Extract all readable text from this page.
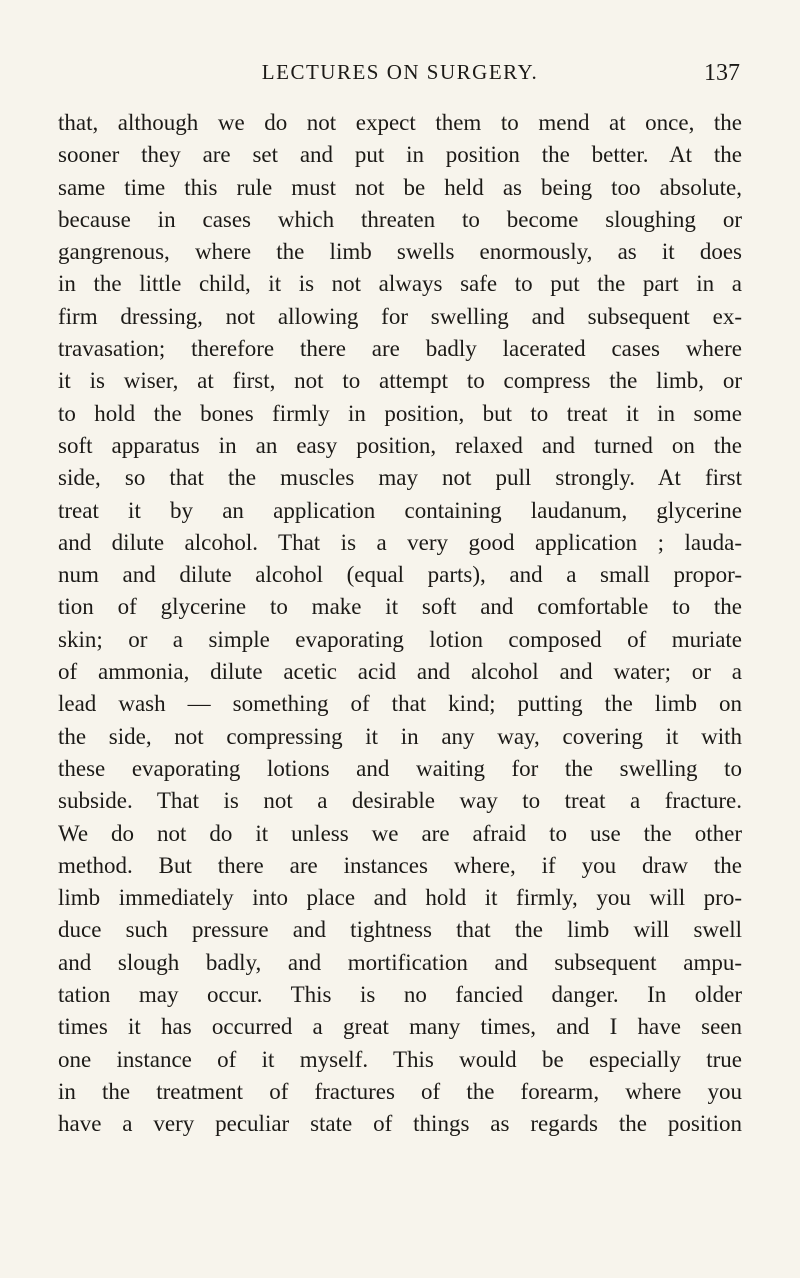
LECTURES ON SURGERY.	137
that, although we do not expect them to mend at once, the
sooner they are set and put in position the better. At the
same time this rule must not be held as being too absolute,
because in cases which threaten to become sloughing or
gangrenous, where the limb swells enormously, as it does
in the little child, it is not always safe to put the part in a
firm dressing, not allowing for swelling and subsequent ex-
travasation; therefore there are badly lacerated cases where
it is wiser, at first, not to attempt to compress the limb, or
to hold the bones firmly in position, but to treat it in some
soft apparatus in an easy position, relaxed and turned on the
side, so that the muscles may not pull strongly. At first
treat it by an application containing laudanum, glycerine
and dilute alcohol. That is a very good application ; lauda-
num and dilute alcohol (equal parts), and a small propor-
tion of glycerine to make it soft and comfortable to the
skin; or a simple evaporating lotion composed of muriate
of ammonia, dilute acetic acid and alcohol and water; or a
lead wash — something of that kind; putting the limb on
the side, not compressing it in any way, covering it with
these evaporating lotions and waiting for the swelling to
subside. That is not a desirable way to treat a fracture.
We do not do it unless we are afraid to use the other
method. But there are instances where, if you draw the
limb immediately into place and hold it firmly, you will pro-
duce such pressure and tightness that the limb will swell
and slough badly, and mortification and subsequent ampu-
tation may occur. This is no fancied danger. In older
times it has occurred a great many times, and I have seen
one instance of it myself. This would be especially true
in the treatment of fractures of the forearm, where you
have a very peculiar state of things as regards the position
